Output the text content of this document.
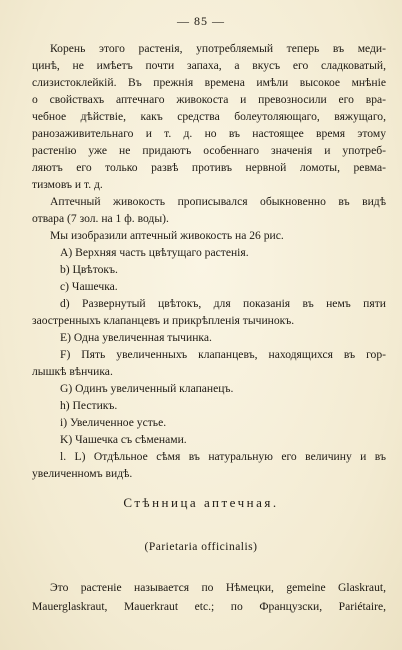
— 85 —
Корень этого растенія, употребляемый теперь въ меди-
цинѣ, не имѣетъ почти запаха, а вкусъ его сладковатый,
слизистоклейкій. Въ прежнія времена имѣли высокое мнѣніе
о свойствахъ аптечнаго живокоста и превозносили его вра-
чебное дѣйствіе, какъ средства болеутоляющаго, вяжущаго,
ранозаживительнаго и т. д. но въ настоящее время этому
растенію уже не придаютъ особеннаго значенія и употреб-
ляютъ его только развѣ противъ нервной ломоты, ревма-
тизмовъ и т. д.
Аптечный живокость прописывался обыкновенно въ видѣ
отвара (7 зол. на 1 ф. воды).
Мы изобразили аптечный живокость на 26 рис.
A) Верхняя часть цвѣтущаго растенія.
b) Цвѣтокъ.
c) Чашечка.
d) Развернутый цвѣтокъ, для показанія въ немъ пяти
заостренныхъ клапанцевъ и прикрѣпленія тычинокъ.
E) Одна увеличенная тычинка.
F) Пять увеличенныхъ клапанцевъ, находящихся въ гор-
лышкѣ вѣнчика.
G) Одинъ увеличенный клапанецъ.
h) Пестикъ.
i) Увеличенное устье.
K) Чашечка съ сѣменами.
l. L) Отдѣльное сѣмя въ натуральную его величину и въ
увеличенномъ видѣ.
Стѣнница аптечная.
(Parietaria officinalis)
Это растеніе называется по Нѣмецки, gemeine Glaskraut,
Mauerglaskraut, Mauerkraut etc.; по Французски, Pariétaire,
